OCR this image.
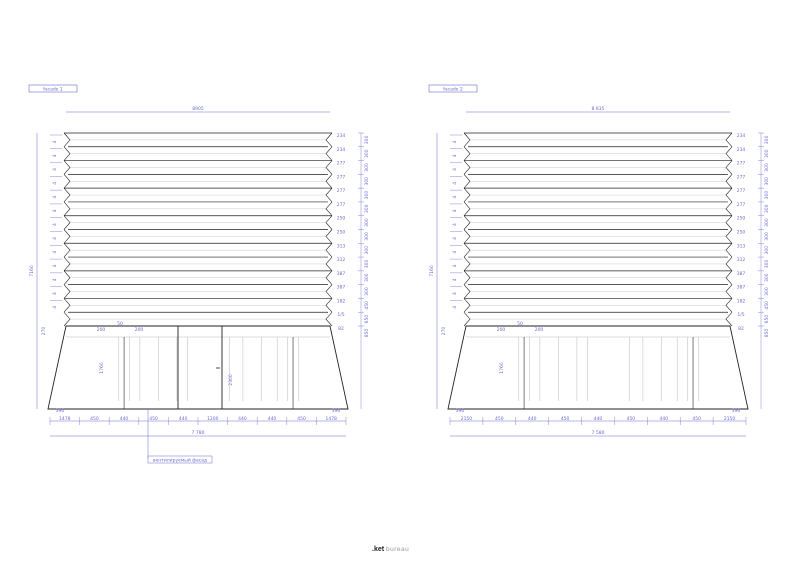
facade 1
8905
2300
200
50
200
1760
7160
270
4
4
4
4
4
4
4
4
4
4
4
4
4
234
234
277
277
277
277
250
250
313
312
387
387
182
1/5
82
300
300
300
300
300
300
300
300
300
300
300
300
450
650
850
390	390
1478	450	440	450	440	1200	440	440	450	1478
7 780
вентилируемый фасад
facade 2
8 835
200
50
200
1760
7160
270
4
4
4
4
4
4
4
4
4
4
4
4
4
234
234
277
277
277
277
250
250
313
312
387
387
182
1/5
82
300
300
300
300
300
300
300
300
300
300
300
300
450
650
850
390	390
2150	450	440	450	440	450	440	450	2150
7 580
.ket bureau
